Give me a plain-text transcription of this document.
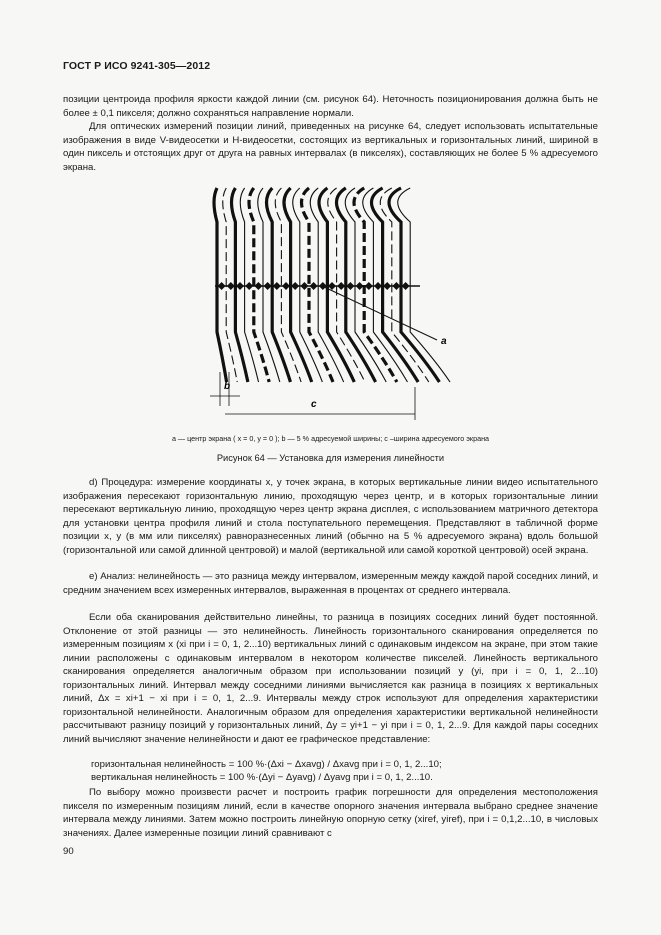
ГОСТ Р ИСО 9241-305—2012

позиции центроида профиля яркости каждой линии (см. рисунок 64). Неточность позиционирования должна быть не более ± 0,1 пикселя; должно сохраняться направление нормали.

Для оптических измерений позиции линий, приведенных на рисунке 64, следует использовать испытательные изображения в виде V-видеосетки и H-видеосетки, состоящих из вертикальных и горизонтальных линий, шириной в один пиксель и отстоящих друг от друга на равных интервалах (в пикселях), составляющих не более 5 % адресуемого экрана.

a
b
c

a — центр экрана ( x = 0, y = 0 ); b — 5 % адресуемой ширины; c –ширина адресуемого экрана

Рисунок 64 — Установка для измерения линейности

d) Процедура: измерение координаты x, y точек экрана, в которых вертикальные линии видео испытательного изображения пересекают горизонтальную линию, проходящую через центр, и в которых горизонтальные линии пересекают вертикальную линию, проходящую через центр экрана дисплея, с использованием матричного детектора для установки центра профиля линий и стола поступательного перемещения. Представляют в табличной форме позиции x, y (в мм или пикселях) равноразнесенных линий (обычно на 5 % адресуемого экрана) вдоль большой (горизонтальной или самой длинной центровой) и малой (вертикальной или самой короткой центровой) осей экрана.

e) Анализ: нелинейность — это разница между интервалом, измеренным между каждой парой соседних линий, и средним значением всех измеренных интервалов, выраженная в процентах от среднего интервала.

Если оба сканирования действительно линейны, то разница в позициях соседних линий будет постоянной. Отклонение от этой разницы — это нелинейность. Линейность горизонтального сканирования определяется по измеренным позициям x (xi при i = 0, 1, 2...10) вертикальных линий с одинаковым индексом на экране, при этом такие линии расположены с одинаковым интервалом в некотором количестве пикселей. Линейность вертикального сканирования определяется аналогичным образом при использовании позиций y (yi, при i = 0, 1, 2...10) горизонтальных линий. Интервал между соседними линиями вычисляется как разница в позициях x вертикальных линий, Δx = xi+1 − xi при i = 0, 1, 2...9. Интервалы между строк используют для определения характеристики горизонтальной нелинейности. Аналогичным образом для определения характеристики вертикальной нелинейности рассчитывают разницу позиций y горизонтальных линий, Δy = yi+1 − yi при i = 0, 1, 2...9. Для каждой пары соседних линий вычисляют значение нелинейности и дают ее графическое представление:

горизонтальная нелинейность = 100 %·(Δxi − Δxavg) / Δxavg при i = 0, 1, 2...10;

вертикальная нелинейность = 100 %·(Δyi − Δyavg) / Δyavg при i = 0, 1, 2...10.

По выбору можно произвести расчет и построить график погрешности для определения местоположения пикселя по измеренным позициям линий, если в качестве опорного значения интервала выбрано среднее значение интервала между линиями. Затем можно построить линейную опорную сетку (xiref, yiref), при i = 0,1,2...10, в числовых значениях. Далее измеренные позиции линий сравнивают с

90
